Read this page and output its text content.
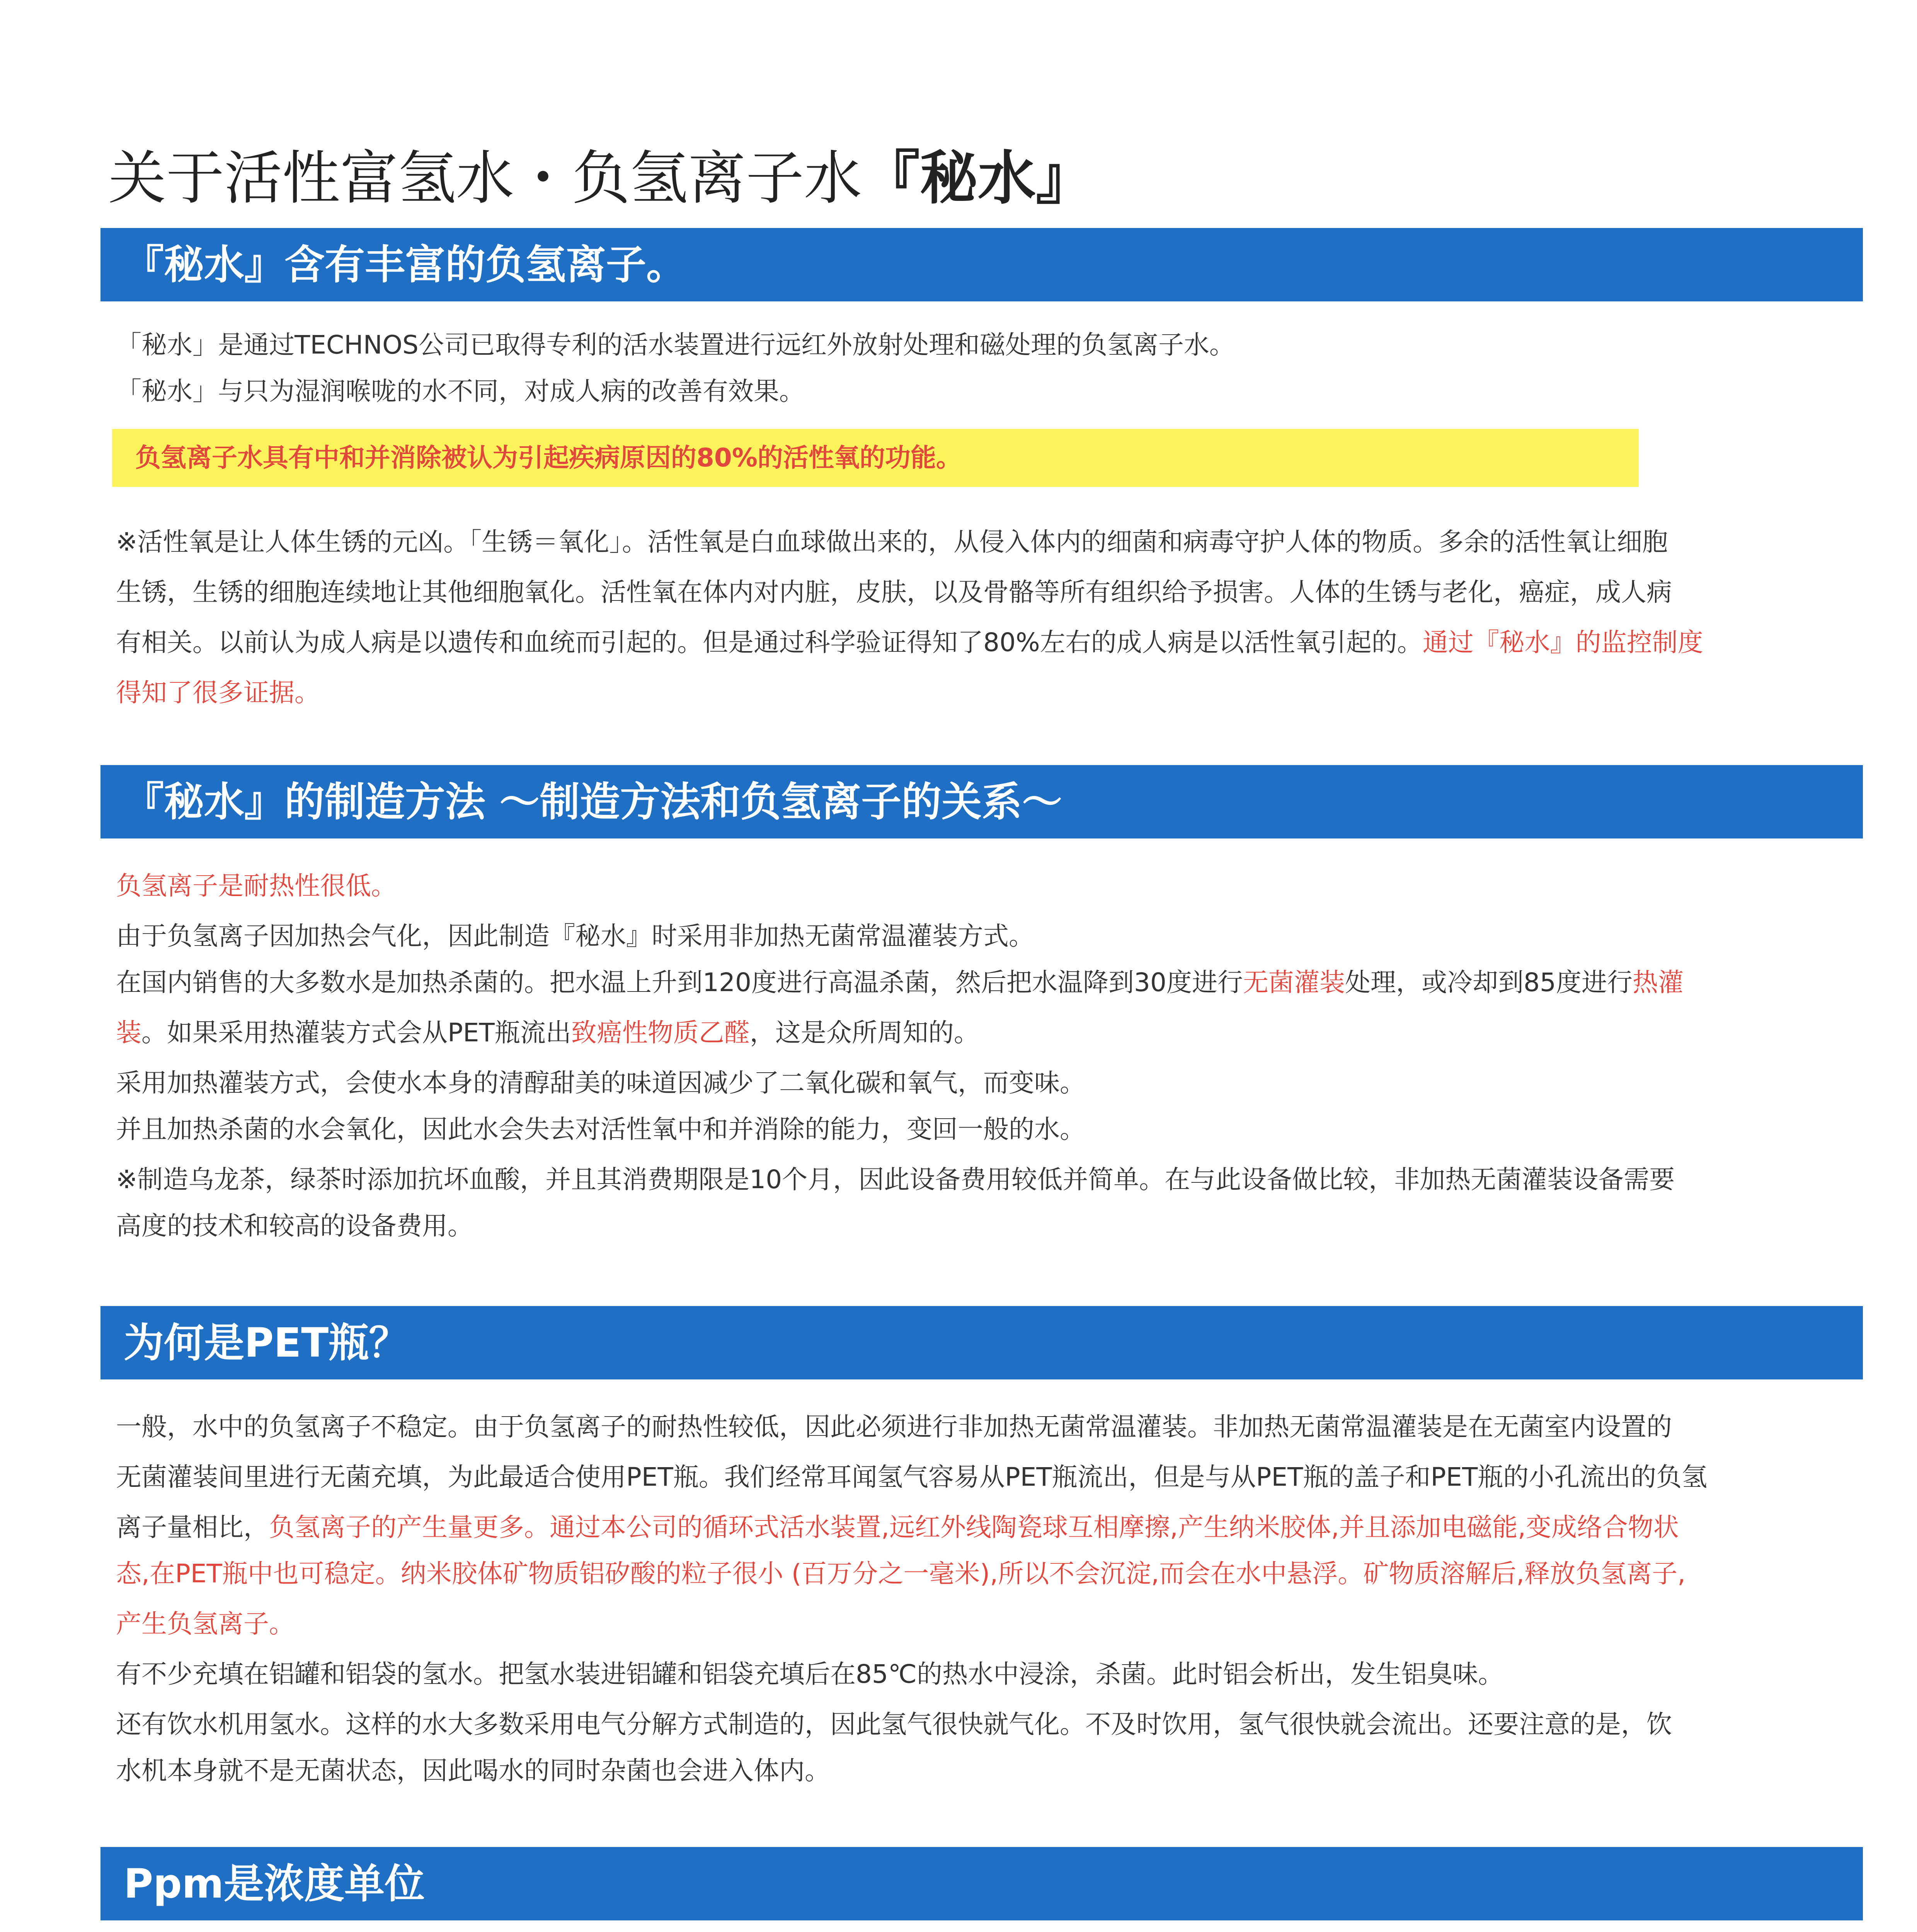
关于活性富氢水・负氢离子水『秘水』
『秘水』含有丰富的负氢离子。
「秘水」是通过TECHNOS公司已取得专利的活水装置进行远红外放射处理和磁处理的负氢离子水。
「秘水」与只为湿润喉咙的水不同，对成人病的改善有效果。
负氢离子水具有中和并消除被认为引起疾病原因的80%的活性氧的功能。
※活性氧是让人体生锈的元凶。「生锈＝氧化」。活性氧是白血球做出来的，从侵入体内的细菌和病毒守护人体的物质。多余的活性氧让细胞
生锈，生锈的细胞连续地让其他细胞氧化。活性氧在体内对内脏，皮肤，以及骨骼等所有组织给予损害。人体的生锈与老化，癌症，成人病
有相关。以前认为成人病是以遗传和血统而引起的。但是通过科学验证得知了80%左右的成人病是以活性氧引起的。通过『秘水』的监控制度
得知了很多证据。
『秘水』的制造方法 ～制造方法和负氢离子的关系～
负氢离子是耐热性很低。
由于负氢离子因加热会气化，因此制造『秘水』时采用非加热无菌常温灌装方式。
在国内销售的大多数水是加热杀菌的。把水温上升到120度进行高温杀菌，然后把水温降到30度进行无菌灌装处理，或冷却到85度进行热灌
装。如果采用热灌装方式会从PET瓶流出致癌性物质乙醛，这是众所周知的。
采用加热灌装方式，会使水本身的清醇甜美的味道因减少了二氧化碳和氧气，而变味。
并且加热杀菌的水会氧化，因此水会失去对活性氧中和并消除的能力，变回一般的水。
※制造乌龙茶，绿茶时添加抗坏血酸，并且其消费期限是10个月，因此设备费用较低并简单。在与此设备做比较，非加热无菌灌装设备需要
高度的技术和较高的设备费用。
为何是PET瓶？
一般，水中的负氢离子不稳定。由于负氢离子的耐热性较低，因此必须进行非加热无菌常温灌装。非加热无菌常温灌装是在无菌室内设置的
无菌灌装间里进行无菌充填，为此最适合使用PET瓶。我们经常耳闻氢气容易从PET瓶流出，但是与从PET瓶的盖子和PET瓶的小孔流出的负氢
离子量相比，负氢离子的产生量更多。通过本公司的循环式活水装置,远红外线陶瓷球互相摩擦,产生纳米胶体,并且添加电磁能,变成络合物状
态,在PET瓶中也可稳定。纳米胶体矿物质铝矽酸的粒子很小 (百万分之一毫米),所以不会沉淀,而会在水中悬浮。矿物质溶解后,释放负氢离子,
产生负氢离子。
有不少充填在铝罐和铝袋的氢水。把氢水装进铝罐和铝袋充填后在85℃的热水中浸涂，杀菌。此时铝会析出，发生铝臭味。
还有饮水机用氢水。这样的水大多数采用电气分解方式制造的，因此氢气很快就气化。不及时饮用，氢气很快就会流出。还要注意的是，饮
水机本身就不是无菌状态，因此喝水的同时杂菌也会进入体内。
Ppm是浓度单位
